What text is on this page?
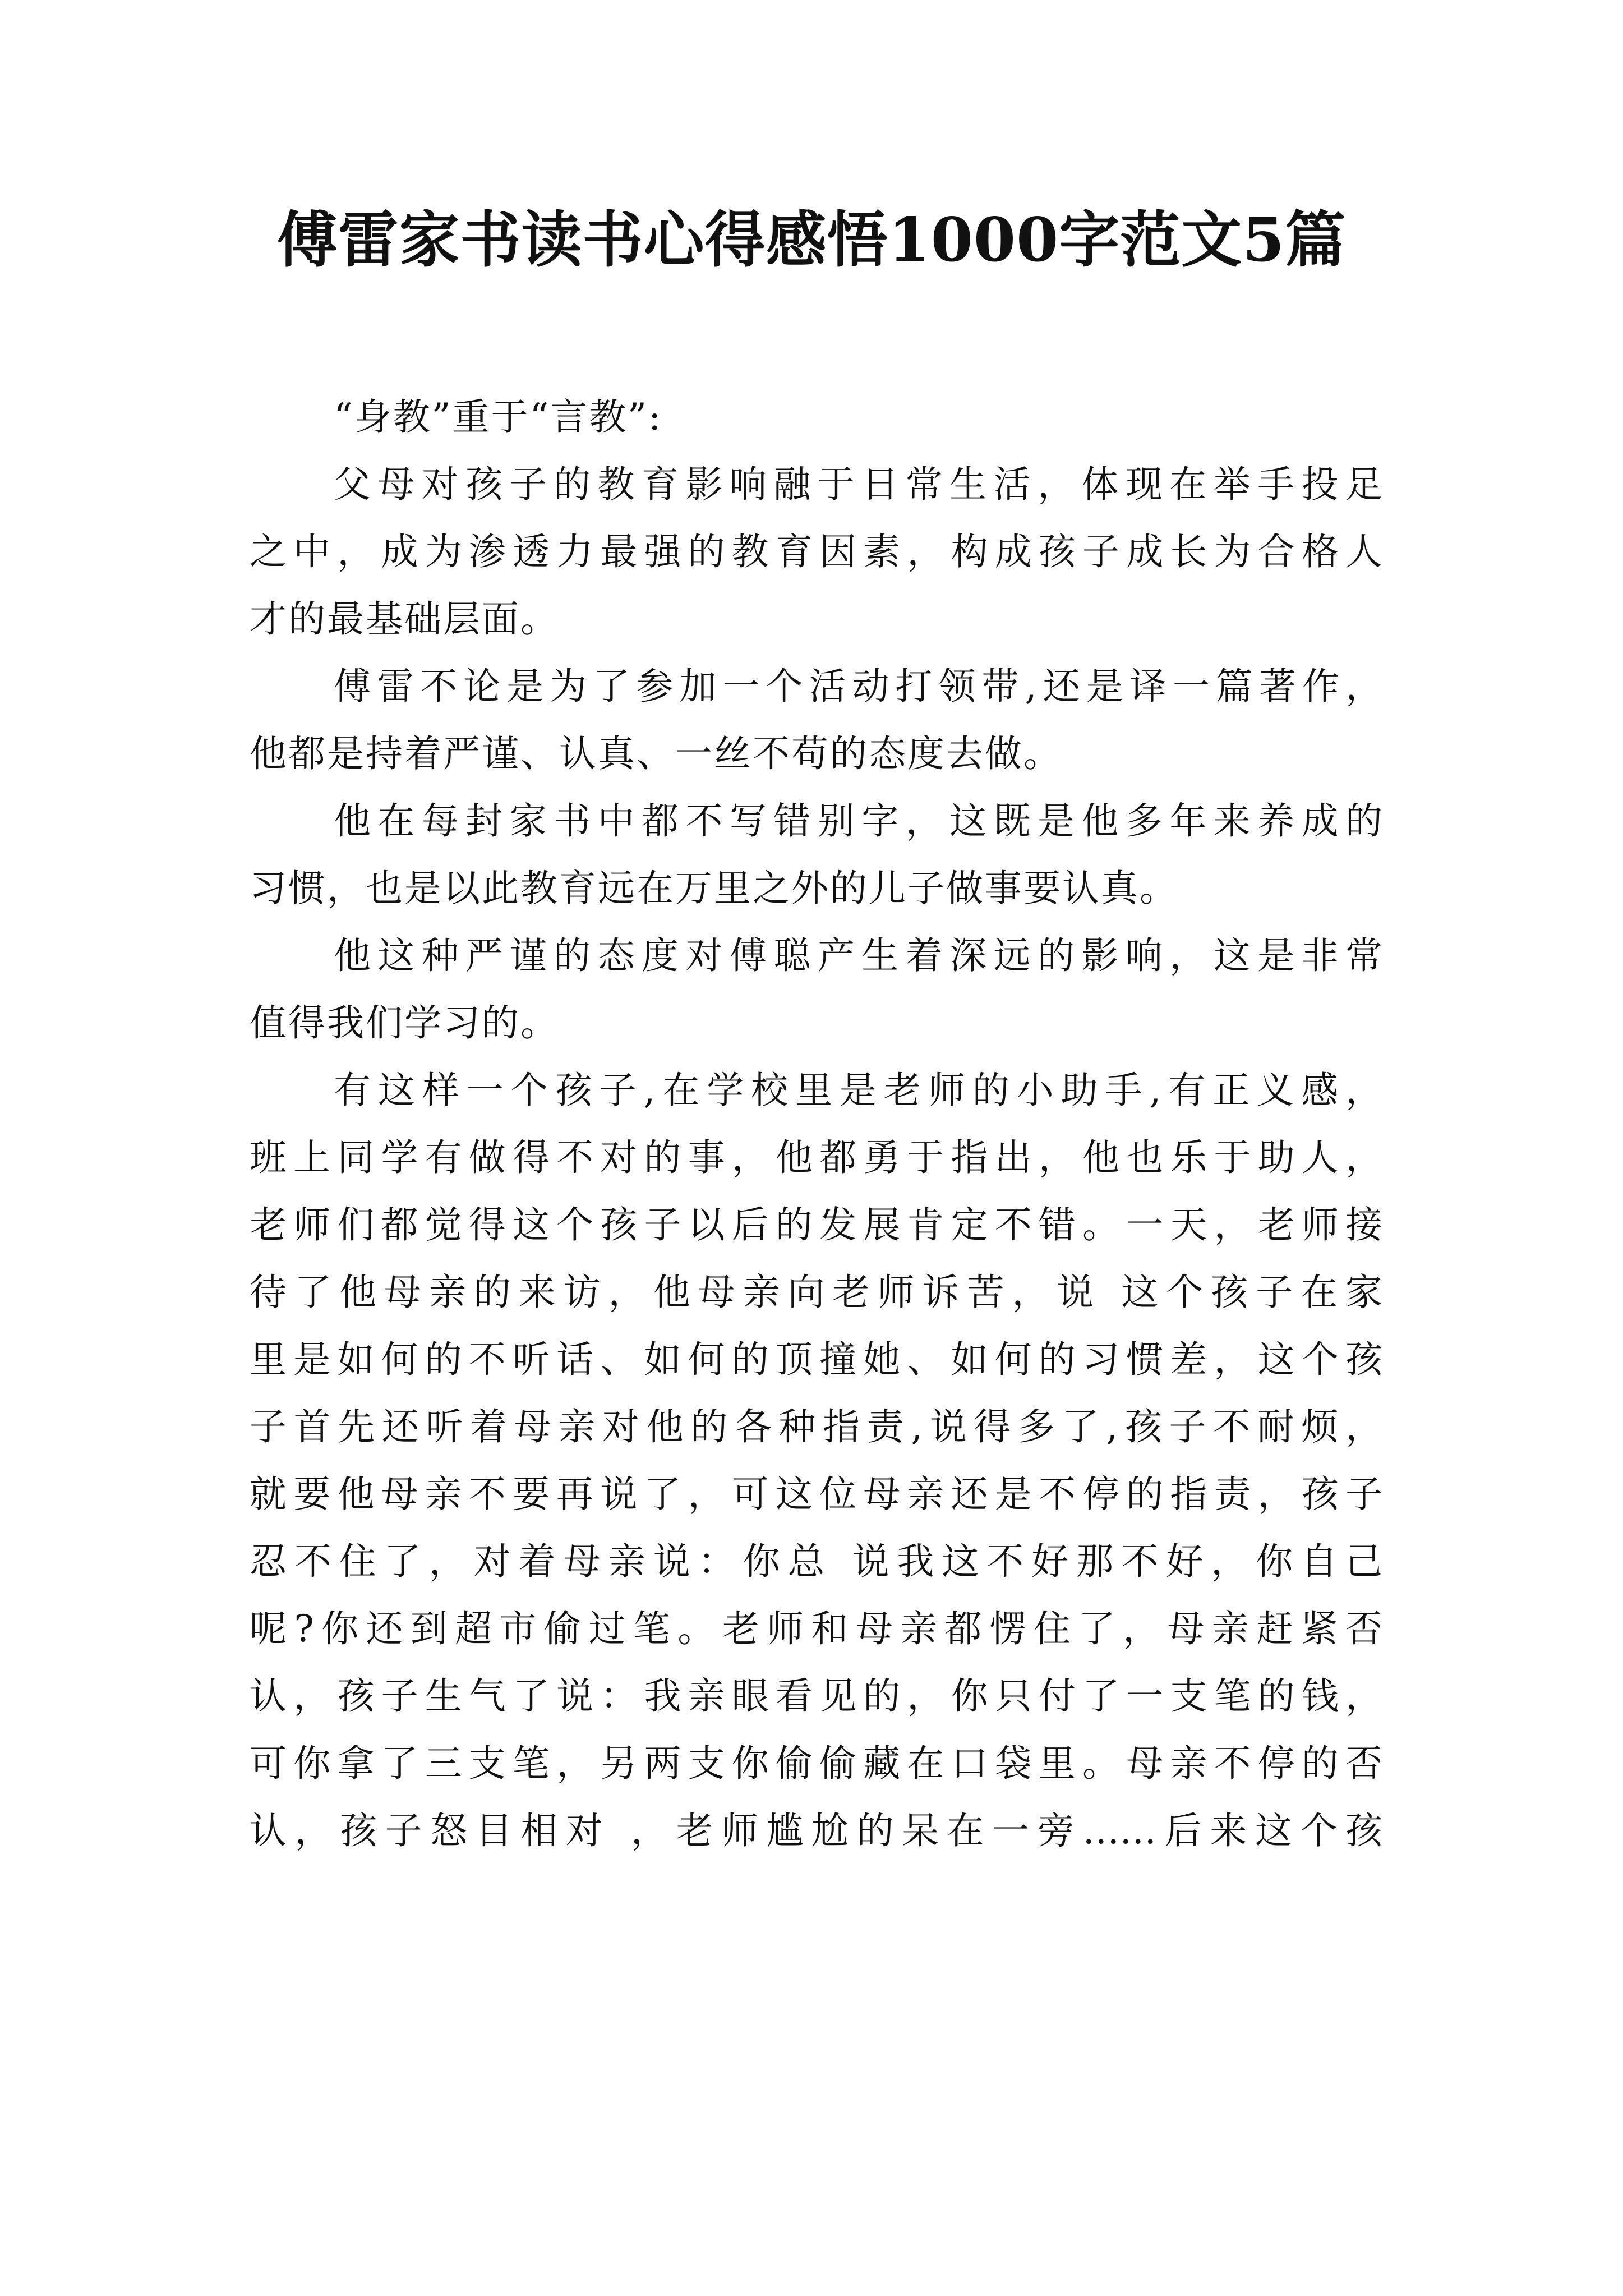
傅雷家书读书心得感悟1000字范文5篇
“身教”重于“言教”:
父母对孩子的教育影响融于日常生活，体现在举手投足
之中，成为渗透力最强的教育因素，构成孩子成长为合格人
才的最基础层面。
傅雷不论是为了参加一个活动打领带,还是译一篇著作，
他都是持着严谨、认真、一丝不苟的态度去做。
他在每封家书中都不写错别字，这既是他多年来养成的
习惯，也是以此教育远在万里之外的儿子做事要认真。
他这种严谨的态度对傅聪产生着深远的影响，这是非常
值得我们学习的。
有这样一个孩子,在学校里是老师的小助手,有正义感，
班上同学有做得不对的事，他都勇于指出，他也乐于助人，
老师们都觉得这个孩子以后的发展肯定不错。一天，老师接
待了他母亲的来访，他母亲向老师诉苦，说 这个孩子在家
里是如何的不听话、如何的顶撞她、如何的习惯差，这个孩
子首先还听着母亲对他的各种指责,说得多了,孩子不耐烦，
就要他母亲不要再说了，可这位母亲还是不停的指责，孩子
忍不住了，对着母亲说：你总 说我这不好那不好，你自己
呢?你还到超市偷过笔。老师和母亲都愣住了，母亲赶紧否
认，孩子生气了说：我亲眼看见的，你只付了一支笔的钱，
可你拿了三支笔，另两支你偷偷藏在口袋里。母亲不停的否
认，孩子怒目相对 ，老师尴尬的呆在一旁……后来这个孩
